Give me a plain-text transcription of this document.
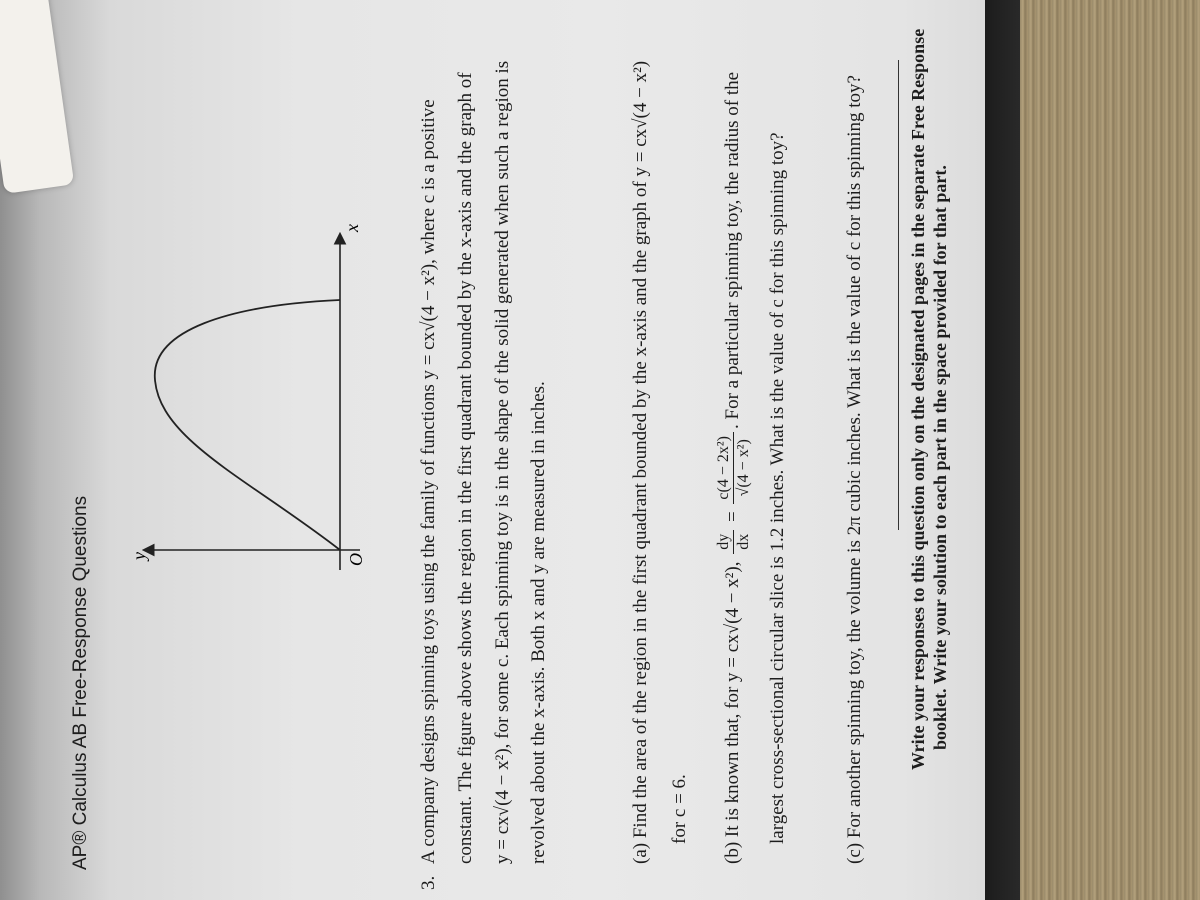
AP® Calculus AB Free-Response Questions y
x
O
3.A company designs spinning toys using the family of functions y = cx√(4 − x²), where c is a positive constant. The figure above shows the region in the first quadrant bounded by the x-axis and the graph of y = cx√(4 − x²), for some c. Each spinning toy is in the shape of the solid generated when such a region is revolved about the x-axis. Both x and y are measured in inches.	(a) Find the area of the region in the first quadrant bounded by the x-axis and the graph of y = cx√(4 − x²) for c = 6.
(b) It is known that, for y = cx√(4 − x²),
dy dx
=
c(4 − 2x²) √(4 − x²)
. For a particular spinning toy, the radius of the	largest cross-sectional circular slice is 1.2 inches. What is the value of c for this spinning toy?
(c) For another spinning toy, the volume is 2π cubic inches. What is the value of c for this spinning toy? Write your responses to this question only on the designated pages in the separate Free Response booklet. Write your solution to each part in the space provided for that part.
